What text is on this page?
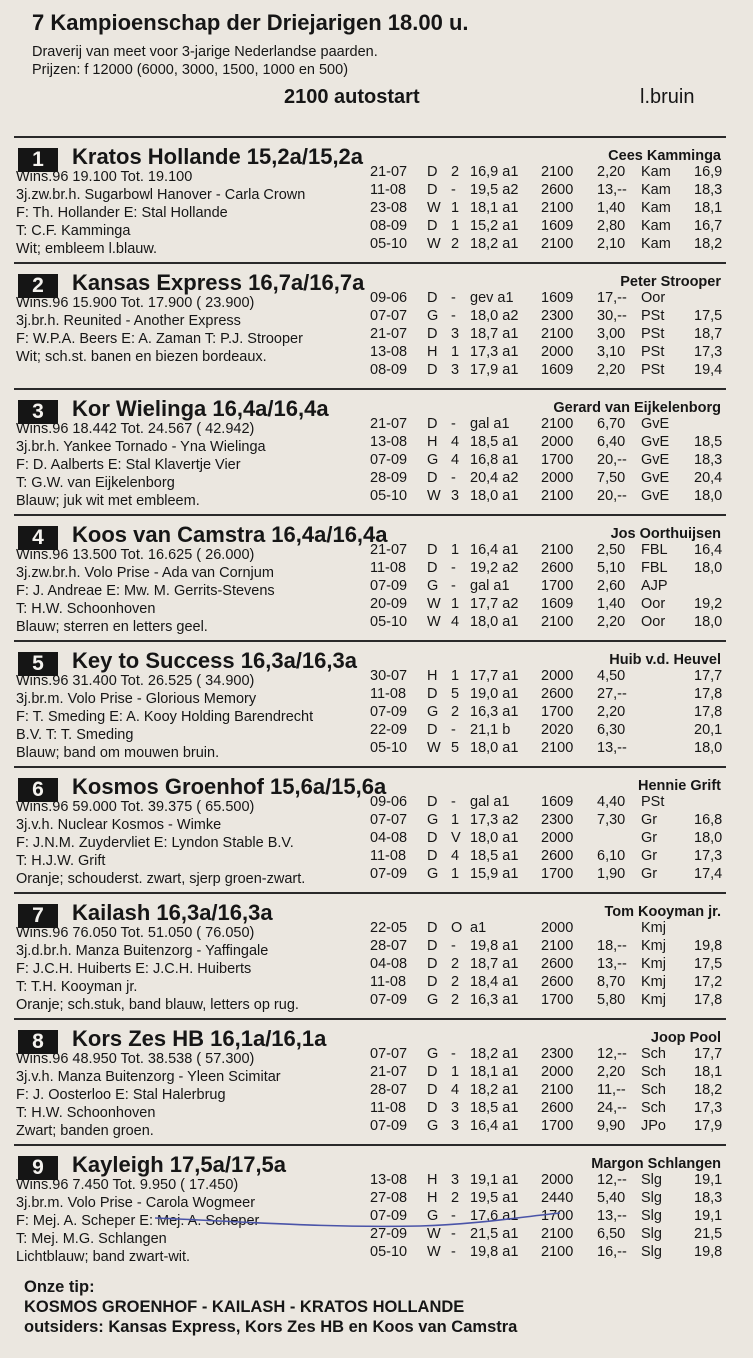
7 Kampioenschap der Driejarigen 18.00 u.
Draverij van meet voor 3-jarige Nederlandse paarden.
Prijzen: f 12000 (6000, 3000, 1500, 1000 en 500)
2100 autostart	l.bruin
1	Kratos Hollande 15,2a/15,2a	Cees Kamminga
Wins.96 19.100 Tot. 19.100
3j.zw.br.h. Sugarbowl Hanover - Carla Crown
F: Th. Hollander E: Stal Hollande
T: C.F. Kamminga
Wit; embleem l.blauw.
21-07 D 2 16,9 a1 2100 2,20 Kam 16,9
11-08 D - 19,5 a2 2600 13,-- Kam 18,3
23-08 W 1 18,1 a1 2100 1,40 Kam 18,1
08-09 D 1 15,2 a1 1609 2,80 Kam 16,7
05-10 W 2 18,2 a1 2100 2,10 Kam 18,2
2	Kansas Express 16,7a/16,7a	Peter Strooper
Wins.96 15.900 Tot. 17.900 ( 23.900)
3j.br.h. Reunited - Another Express
F: W.P.A. Beers E: A. Zaman T: P.J. Strooper
Wit; sch.st. banen en biezen bordeaux.
09-06 D - gev a1 1609 17,-- Oor
07-07 G - 18,0 a2 2300 30,-- PSt 17,5
21-07 D 3 18,7 a1 2100 3,00 PSt 18,7
13-08 H 1 17,3 a1 2000 3,10 PSt 17,3
08-09 D 3 17,9 a1 1609 2,20 PSt 19,4
3	Kor Wielinga 16,4a/16,4a	Gerard van Eijkelenborg
Wins.96 18.442 Tot. 24.567 ( 42.942)
3j.br.h. Yankee Tornado - Yna Wielinga
F: D. Aalberts E: Stal Klavertje Vier
T: G.W. van Eijkelenborg
Blauw; juk wit met embleem.
21-07 D - gal a1 2100 6,70 GvE
13-08 H 4 18,5 a1 2000 6,40 GvE 18,5
07-09 G 4 16,8 a1 1700 20,-- GvE 18,3
28-09 D - 20,4 a2 2000 7,50 GvE 20,4
05-10 W 3 18,0 a1 2100 20,-- GvE 18,0
4	Koos van Camstra 16,4a/16,4a	Jos Oorthuijsen
Wins.96 13.500 Tot. 16.625 ( 26.000)
3j.zw.br.h. Volo Prise - Ada van Cornjum
F: J. Andreae E: Mw. M. Gerrits-Stevens
T: H.W. Schoonhoven
Blauw; sterren en letters geel.
21-07 D 1 16,4 a1 2100 2,50 FBL 16,4
11-08 D - 19,2 a2 2600 5,10 FBL 18,0
07-09 G - gal a1 1700 2,60 AJP
20-09 W 1 17,7 a2 1609 1,40 Oor 19,2
05-10 W 4 18,0 a1 2100 2,20 Oor 18,0
5	Key to Success 16,3a/16,3a	Huib v.d. Heuvel
Wins.96 31.400 Tot. 26.525 ( 34.900)
3j.br.m. Volo Prise - Glorious Memory
F: T. Smeding E: A. Kooy Holding Barendrecht
B.V. T: T. Smeding
Blauw; band om mouwen bruin.
30-07 H 1 17,7 a1 2000 4,50	17,7
11-08 D 5 19,0 a1 2600 27,--	17,8
07-09 G 2 16,3 a1 1700 2,20	17,8
22-09 D - 21,1 b 2020 6,30	20,1
05-10 W 5 18,0 a1 2100 13,--	18,0
6	Kosmos Groenhof 15,6a/15,6a	Hennie Grift
Wins.96 59.000 Tot. 39.375 ( 65.500)
3j.v.h. Nuclear Kosmos - Wimke
F: J.N.M. Zuydervliet E: Lyndon Stable B.V.
T: H.J.W. Grift
Oranje; schouderst. zwart, sjerp groen-zwart.
09-06 D - gal a1 1609 4,40 PSt
07-07 G 1 17,3 a2 2300 7,30 Gr	16,8
04-08 D V 18,0 a1 2000	Gr	18,0
11-08 D 4 18,5 a1 2600 6,10 Gr	17,3
07-09 G 1 15,9 a1 1700 1,90 Gr	17,4
7	Kailash 16,3a/16,3a	Tom Kooyman jr.
Wins.96 76.050 Tot. 51.050 ( 76.050)
3j.d.br.h. Manza Buitenzorg - Yaffingale
F: J.C.H. Huiberts E: J.C.H. Huiberts
T: T.H. Kooyman jr.
Oranje; sch.stuk, band blauw, letters op rug.
22-05 D O a1	2000	Kmj
28-07 D - 19,8 a1 2100 18,-- Kmj 19,8
04-08 D 2 18,7 a1 2600 13,-- Kmj 17,5
11-08 D 2 18,4 a1 2600 8,70 Kmj 17,2
07-09 G 2 16,3 a1 1700 5,80 Kmj 17,8
8	Kors Zes HB 16,1a/16,1a	Joop Pool
Wins.96 48.950 Tot. 38.538 ( 57.300)
3j.v.h. Manza Buitenzorg - Yleen Scimitar
F: J. Oosterloo E: Stal Halerbrug
T: H.W. Schoonhoven
Zwart; banden groen.
07-07 G - 18,2 a1 2300 12,-- Sch 17,7
21-07 D 1 18,1 a1 2000 2,20 Sch 18,1
28-07 D 4 18,2 a1 2100 11,-- Sch 18,2
11-08 D 3 18,5 a1 2600 24,-- Sch 17,3
07-09 G 3 16,4 a1 1700 9,90 JPo 17,9
9	Kayleigh 17,5a/17,5a	Margon Schlangen
Wins.96 7.450 Tot. 9.950 ( 17.450)
3j.br.m. Volo Prise - Carola Wogmeer
F: Mej. A. Scheper E: Mej. A. Scheper
T: Mej. M.G. Schlangen
Lichtblauw; band zwart-wit.
13-08 H 3 19,1 a1 2000 12,-- Slg 19,1
27-08 H 2 19,5 a1 2440 5,40 Slg 18,3
07-09 G - 17,6 a1 1700 13,-- Slg 19,1
27-09 W - 21,5 a1 2100 6,50 Slg 21,5
05-10 W - 19,8 a1 2100 16,-- Slg 19,8
Onze tip:
KOSMOS GROENHOF - KAILASH - KRATOS HOLLANDE
outsiders: Kansas Express, Kors Zes HB en Koos van Camstra
